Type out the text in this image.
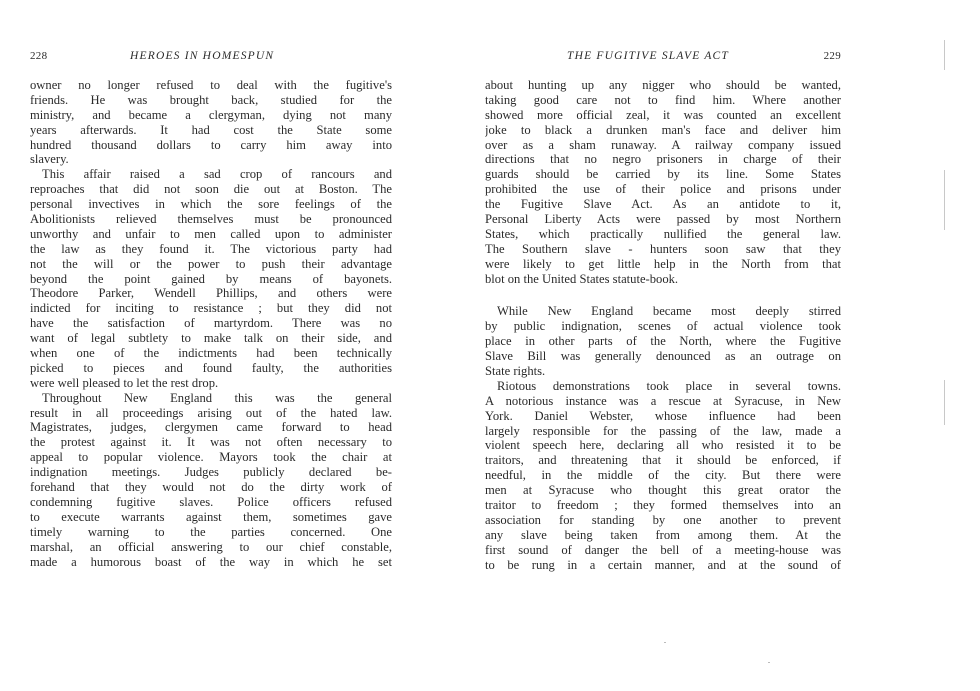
228	HEROES IN HOMESPUN
owner no longer refused to deal with the fugitive's
friends. He was brought back, studied for the
ministry, and became a clergyman, dying not many
years afterwards. It had cost the State some
hundred thousand dollars to carry him away into
slavery.
This affair raised a sad crop of rancours and
reproaches that did not soon die out at Boston. The
personal invectives in which the sore feelings of the
Abolitionists relieved themselves must be pronounced
unworthy and unfair to men called upon to administer
the law as they found it. The victorious party had
not the will or the power to push their advantage
beyond the point gained by means of bayonets.
Theodore Parker, Wendell Phillips, and others were
indicted for inciting to resistance ; but they did not
have the satisfaction of martyrdom. There was no
want of legal subtlety to make talk on their side, and
when one of the indictments had been technically
picked to pieces and found faulty, the authorities
were well pleased to let the rest drop.
Throughout New England this was the general
result in all proceedings arising out of the hated law.
Magistrates, judges, clergymen came forward to head
the protest against it. It was not often necessary to
appeal to popular violence. Mayors took the chair at
indignation meetings. Judges publicly declared be-
forehand that they would not do the dirty work of
condemning fugitive slaves. Police officers refused
to execute warrants against them, sometimes gave
timely warning to the parties concerned. One
marshal, an official answering to our chief constable,
made a humorous boast of the way in which he set
THE FUGITIVE SLAVE ACT	229
about hunting up any nigger who should be wanted,
taking good care not to find him. Where another
showed more official zeal, it was counted an excellent
joke to black a drunken man's face and deliver him
over as a sham runaway. A railway company issued
directions that no negro prisoners in charge of their
guards should be carried by its line. Some States
prohibited the use of their police and prisons under
the Fugitive Slave Act. As an antidote to it,
Personal Liberty Acts were passed by most Northern
States, which practically nullified the general law.
The Southern slave - hunters soon saw that they
were likely to get little help in the North from that
blot on the United States statute-book.
While New England became most deeply stirred
by public indignation, scenes of actual violence took
place in other parts of the North, where the Fugitive
Slave Bill was generally denounced as an outrage on
State rights.
Riotous demonstrations took place in several towns.
A notorious instance was a rescue at Syracuse, in New
York. Daniel Webster, whose influence had been
largely responsible for the passing of the law, made a
violent speech here, declaring all who resisted it to be
traitors, and threatening that it should be enforced, if
needful, in the middle of the city. But there were
men at Syracuse who thought this great orator the
traitor to freedom ; they formed themselves into an
association for standing by one another to prevent
any slave being taken from among them. At the
first sound of danger the bell of a meeting-house was
to be rung in a certain manner, and at the sound of
